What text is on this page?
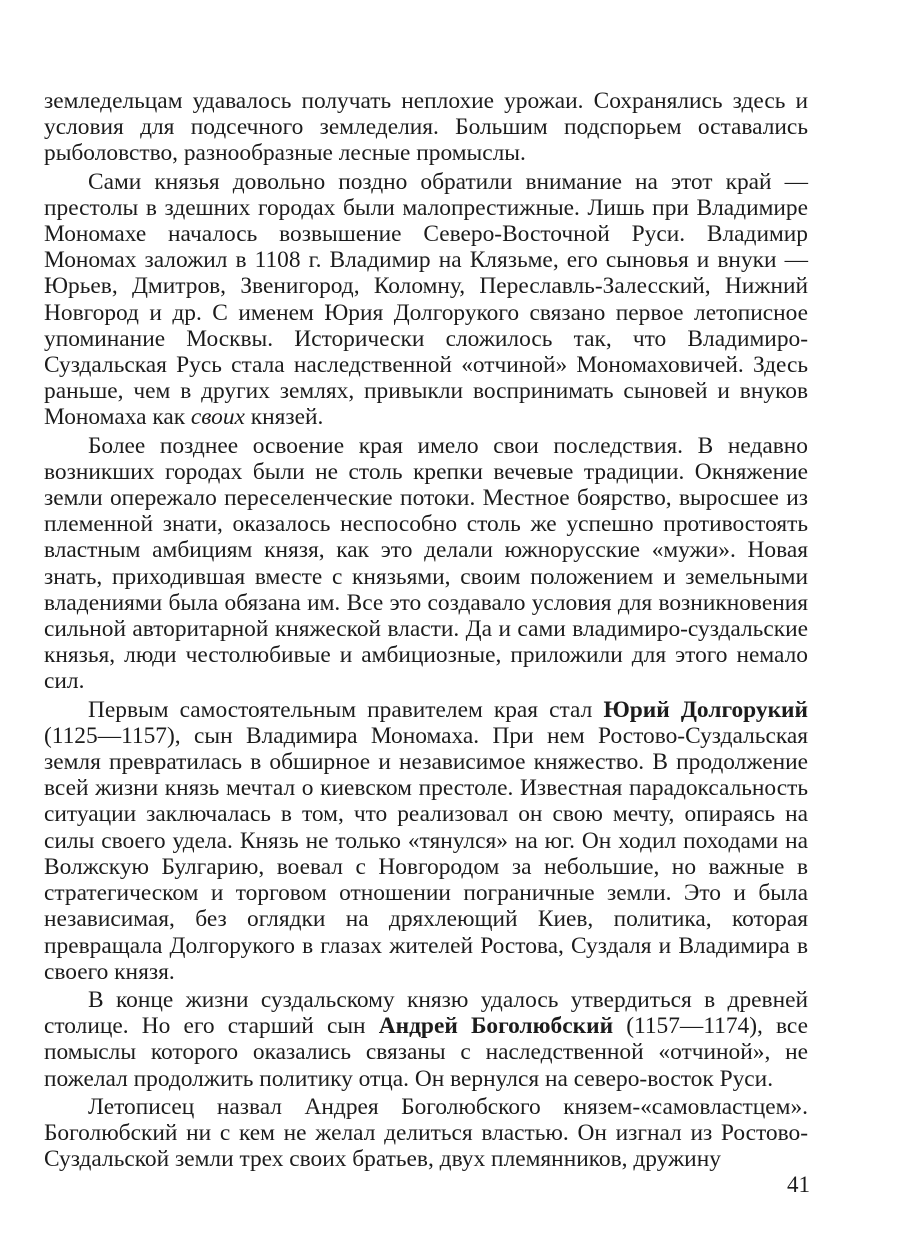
земледельцам удавалось получать неплохие урожаи. Сохранялись здесь и условия для подсечного земледелия. Большим подспорьем оставались рыболовство, разнообразные лесные промыслы.

Сами князья довольно поздно обратили внимание на этот край — престолы в здешних городах были малопрестижные. Лишь при Владимире Мономахе началось возвышение Северо-Восточной Руси. Владимир Мономах заложил в 1108 г. Владимир на Клязьме, его сыновья и внуки — Юрьев, Дмитров, Звенигород, Коломну, Переславль-Залесский, Нижний Новгород и др. С именем Юрия Долгорукого связано первое летописное упоминание Москвы. Исторически сложилось так, что Владимиро-Суздальская Русь стала наследственной «отчиной» Мономаховичей. Здесь раньше, чем в других землях, привыкли воспринимать сыновей и внуков Мономаха как своих князей.

Более позднее освоение края имело свои последствия. В недавно возникших городах были не столь крепки вечевые традиции. Окняжение земли опережало переселенческие потоки. Местное боярство, выросшее из племенной знати, оказалось неспособно столь же успешно противостоять властным амбициям князя, как это делали южнорусские «мужи». Новая знать, приходившая вместе с князьями, своим положением и земельными владениями была обязана им. Все это создавало условия для возникновения сильной авторитарной княжеской власти. Да и сами владимиро-суздальские князья, люди честолюбивые и амбициозные, приложили для этого немало сил.

Первым самостоятельным правителем края стал Юрий Долгорукий (1125—1157), сын Владимира Мономаха. При нем Ростово-Суздальская земля превратилась в обширное и независимое княжество. В продолжение всей жизни князь мечтал о киевском престоле. Известная парадоксальность ситуации заключалась в том, что реализовал он свою мечту, опираясь на силы своего удела. Князь не только «тянулся» на юг. Он ходил походами на Волжскую Булгарию, воевал с Новгородом за небольшие, но важные в стратегическом и торговом отношении пограничные земли. Это и была независимая, без оглядки на дряхлеющий Киев, политика, которая превращала Долгорукого в глазах жителей Ростова, Суздаля и Владимира в своего князя.

В конце жизни суздальскому князю удалось утвердиться в древней столице. Но его старший сын Андрей Боголюбский (1157—1174), все помыслы которого оказались связаны с наследственной «отчиной», не пожелал продолжить политику отца. Он вернулся на северо-восток Руси.

Летописец назвал Андрея Боголюбского князем-«самовластцем». Боголюбский ни с кем не желал делиться властью. Он изгнал из Ростово-Суздальской земли трех своих братьев, двух племянников, дружину

41
